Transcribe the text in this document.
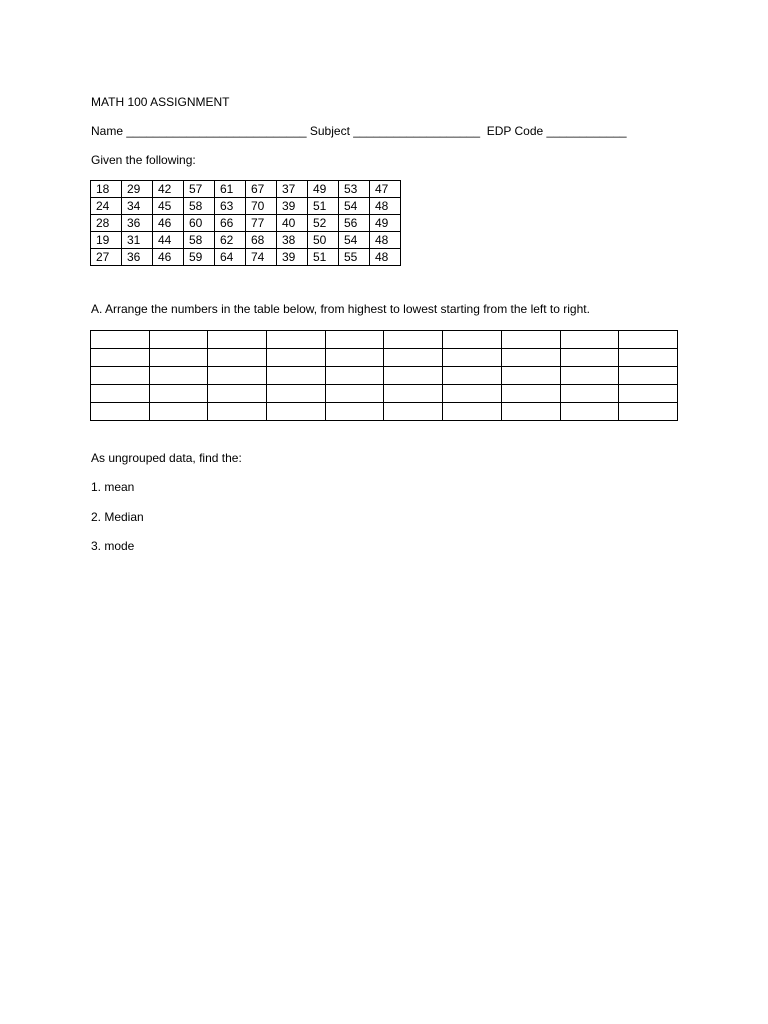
MATH 100 ASSIGNMENT
Name ___________________________ Subject ___________________  EDP Code ____________
Given the following:
18	29	42	57	61	67	37	49	53	47
24	34	45	58	63	70	39	51	54	48
28	36	46	60	66	77	40	52	56	49
19	31	44	58	62	68	38	50	54	48
27	36	46	59	64	74	39	51	55	48
A. Arrange the numbers in the table below, from highest to lowest starting from the left to right.

As ungrouped data, find the:
1. mean
2. Median
3. mode
